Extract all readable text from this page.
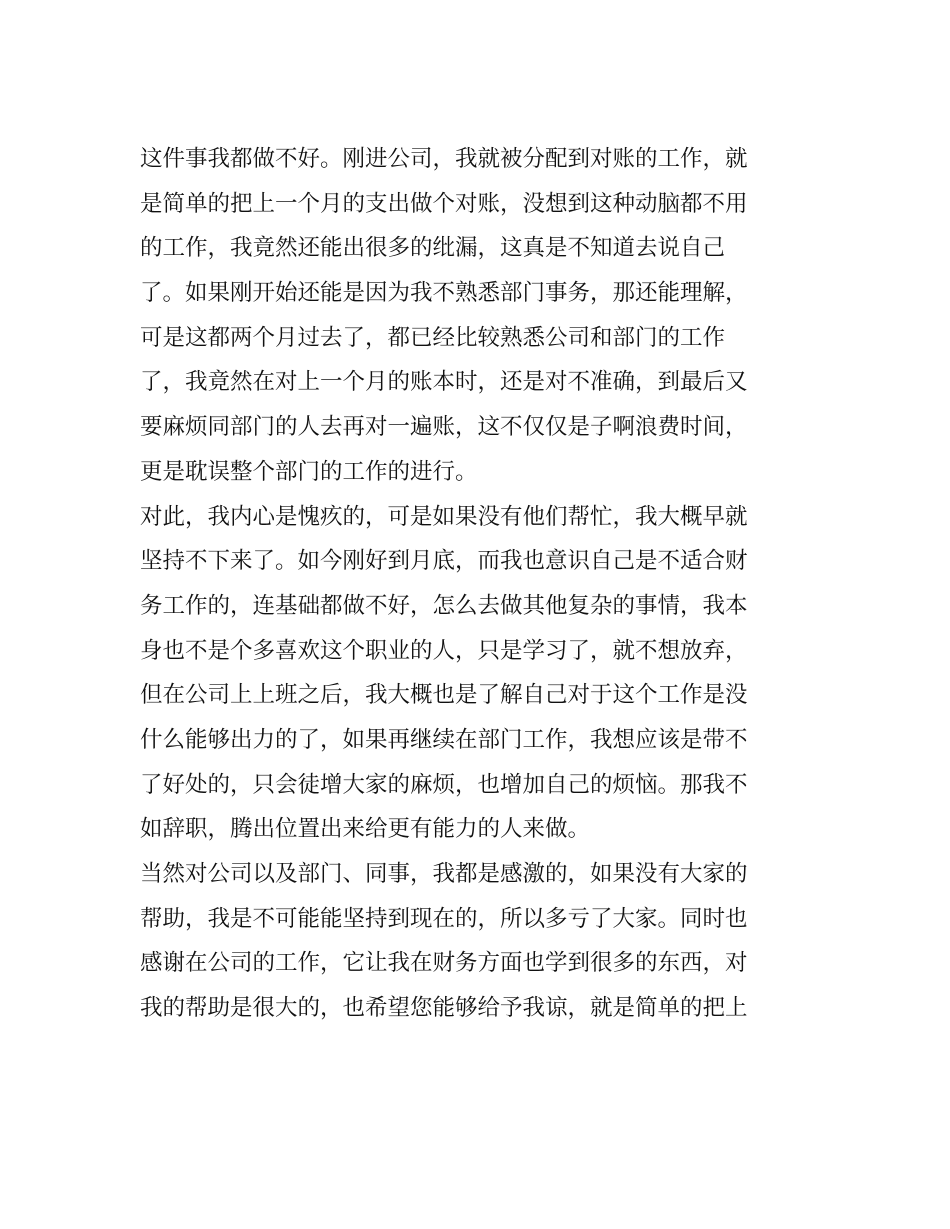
这件事我都做不好。刚进公司，我就被分配到对账的工作，就
是简单的把上一个月的支出做个对账，没想到这种动脑都不用
的工作，我竟然还能出很多的纰漏，这真是不知道去说自己
了。如果刚开始还能是因为我不熟悉部门事务，那还能理解，
可是这都两个月过去了，都已经比较熟悉公司和部门的工作
了，我竟然在对上一个月的账本时，还是对不准确，到最后又
要麻烦同部门的人去再对一遍账，这不仅仅是子啊浪费时间，
更是耽误整个部门的工作的进行。
对此，我内心是愧疚的，可是如果没有他们帮忙，我大概早就
坚持不下来了。如今刚好到月底，而我也意识自己是不适合财
务工作的，连基础都做不好，怎么去做其他复杂的事情，我本
身也不是个多喜欢这个职业的人，只是学习了，就不想放弃，
但在公司上上班之后，我大概也是了解自己对于这个工作是没
什么能够出力的了，如果再继续在部门工作，我想应该是带不
了好处的，只会徒增大家的麻烦，也增加自己的烦恼。那我不
如辞职，腾出位置出来给更有能力的人来做。
当然对公司以及部门、同事，我都是感激的，如果没有大家的
帮助，我是不可能能坚持到现在的，所以多亏了大家。同时也
感谢在公司的工作，它让我在财务方面也学到很多的东西，对
我的帮助是很大的，也希望您能够给予我谅，就是简单的把上
